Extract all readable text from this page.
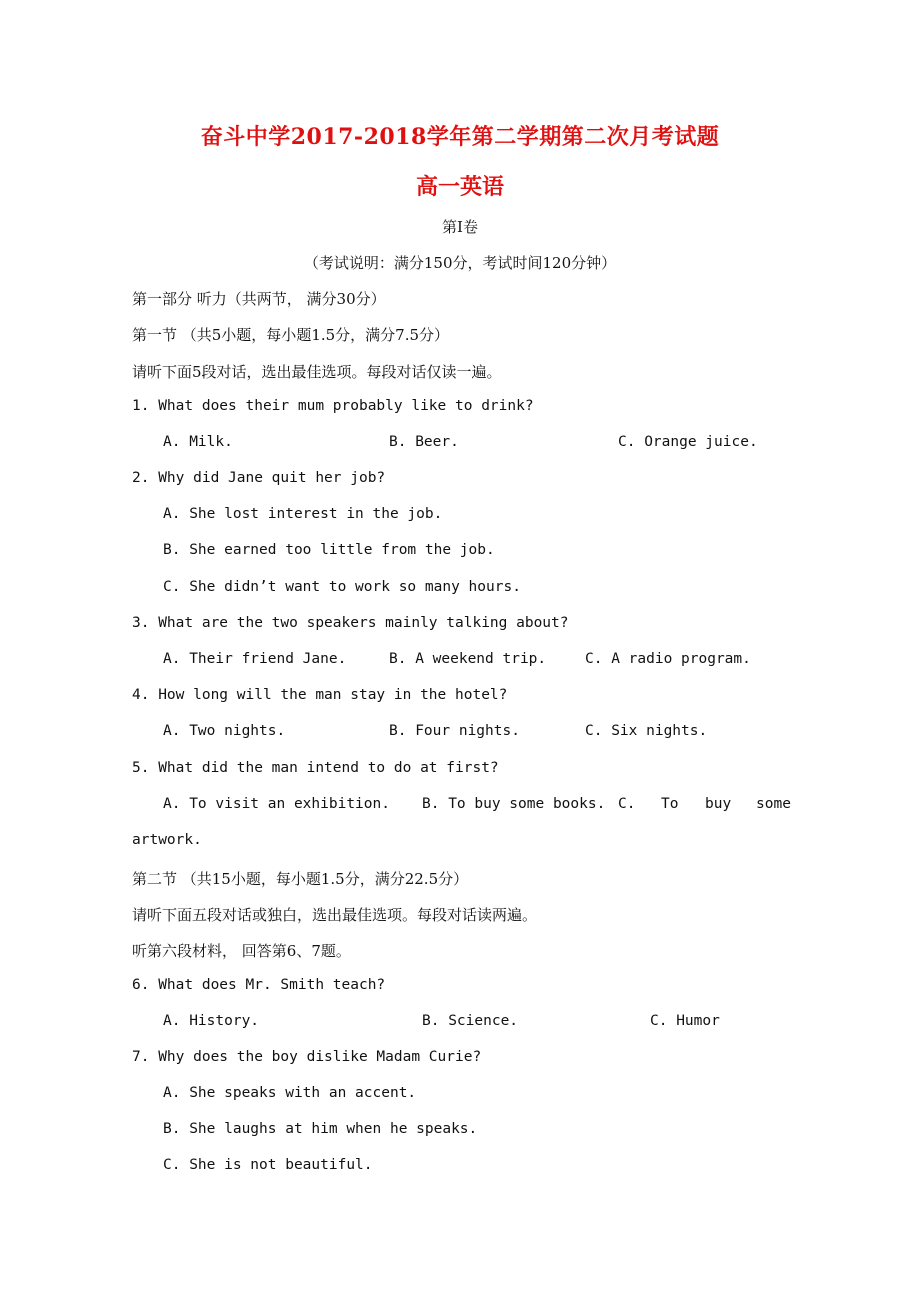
奋斗中学2017-2018学年第二学期第二次月考试题
高一英语
第Ⅰ卷
（考试说明：满分150分，考试时间120分钟）
第一部分 听力（共两节， 满分30分）
第一节 （共5小题，每小题1.5分，满分7.5分）
请听下面5段对话，选出最佳选项。每段对话仅读一遍。
1. What does their mum probably like to drink?
A. Milk.	B. Beer.	C. Orange juice.
2. Why did Jane quit her job?
A. She lost interest in the job.
B. She earned too little from the job.
C. She didn’t want to work so many hours.
3. What are the two speakers mainly talking about?
A. Their friend Jane.	B. A weekend trip.	C. A radio program.
4. How long will the man stay in the hotel?
A. Two nights.	B. Four nights.	C. Six nights.
5. What did the man intend to do at first?
A. To visit an exhibition. B. To buy some books. C. To buy some
artwork.
第二节 （共15小题，每小题1.5分，满分22.5分）
请听下面五段对话或独白，选出最佳选项。每段对话读两遍。
听第六段材料， 回答第6、7题。
6. What does Mr. Smith teach?
A. History.	B. Science.	C. Humor
7. Why does the boy dislike Madam Curie?
A. She speaks with an accent.
B. She laughs at him when he speaks.
C. She is not beautiful.
